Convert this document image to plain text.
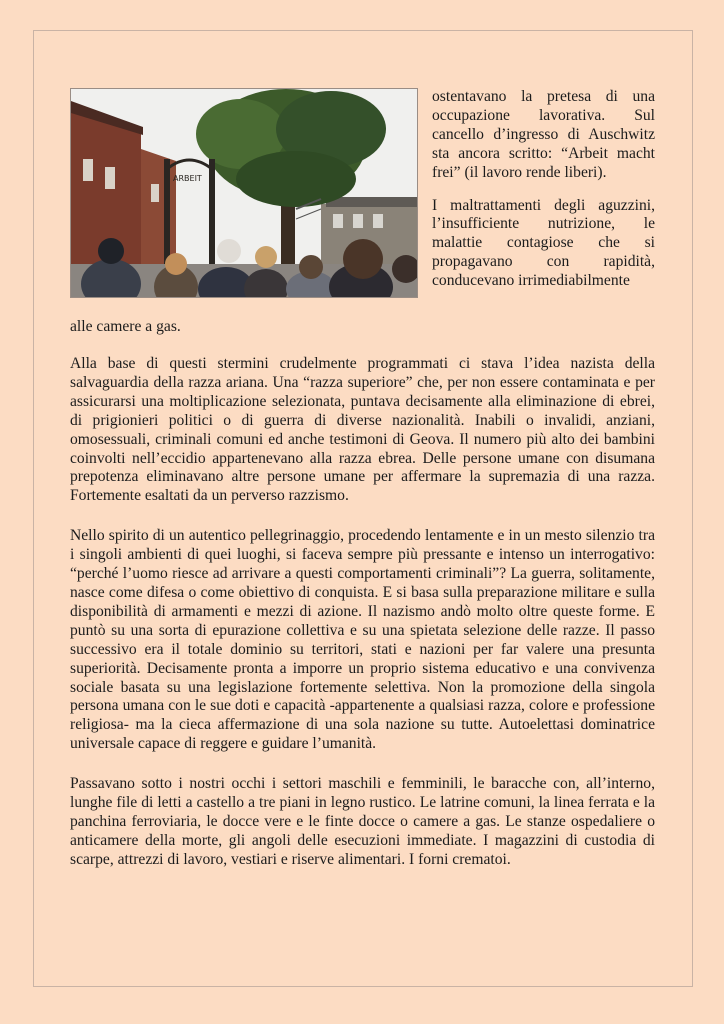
ARBEIT

ostentavano la pretesa di una occupazione lavorativa. Sul cancello d’ingresso di Auschwitz sta ancora scritto: “Arbeit macht frei” (il lavoro rende liberi).

I maltrattamenti degli aguzzini, l’insufficiente nutrizione, le malattie contagiose che si propagavano con rapidità, conducevano irrimediabilmente

alle camere a gas.

Alla base di questi stermini crudelmente programmati ci stava l’idea nazista della salvaguardia della razza ariana. Una “razza superiore” che, per non essere contaminata e per assicurarsi una moltiplicazione selezionata, puntava decisamente alla eliminazione di ebrei, di prigionieri politici o di guerra di diverse nazionalità. Inabili o invalidi, anziani, omosessuali, criminali comuni ed anche testimoni di Geova. Il numero più alto dei bambini coinvolti nell’eccidio appartenevano alla razza ebrea. Delle persone umane con disumana prepotenza eliminavano altre persone umane per affermare la supremazia di una razza. Fortemente esaltati da un perverso razzismo.

Nello spirito di un autentico pellegrinaggio, procedendo lentamente e in un mesto silenzio tra i singoli ambienti di quei luoghi, si faceva sempre più pressante e intenso un interrogativo: “perché l’uomo riesce ad arrivare a questi comportamenti criminali”? La guerra, solitamente, nasce come difesa o come obiettivo di conquista. E si basa sulla preparazione militare e sulla disponibilità di armamenti e mezzi di azione. Il nazismo andò molto oltre queste forme. E puntò su una sorta di epurazione collettiva e su una spietata selezione delle razze. Il passo successivo era il totale dominio su territori, stati e nazioni per far valere una presunta superiorità. Decisamente pronta a imporre un proprio sistema educativo e una convivenza sociale basata su una legislazione fortemente selettiva. Non la promozione della singola persona umana con le sue doti e capacità -appartenente a qualsiasi razza, colore e professione religiosa- ma la cieca affermazione di una sola nazione su tutte. Autoelettasi dominatrice universale capace di reggere e guidare l’umanità.

Passavano sotto i nostri occhi i settori maschili e femminili, le baracche con, all’interno, lunghe file di letti a castello a tre piani in legno rustico. Le latrine comuni, la linea ferrata e la panchina ferroviaria, le docce vere e le finte docce o camere a gas. Le stanze ospedaliere o anticamere della morte, gli angoli delle esecuzioni immediate. I magazzini di custodia di scarpe, attrezzi di lavoro, vestiari e riserve alimentari. I forni crematoi.
